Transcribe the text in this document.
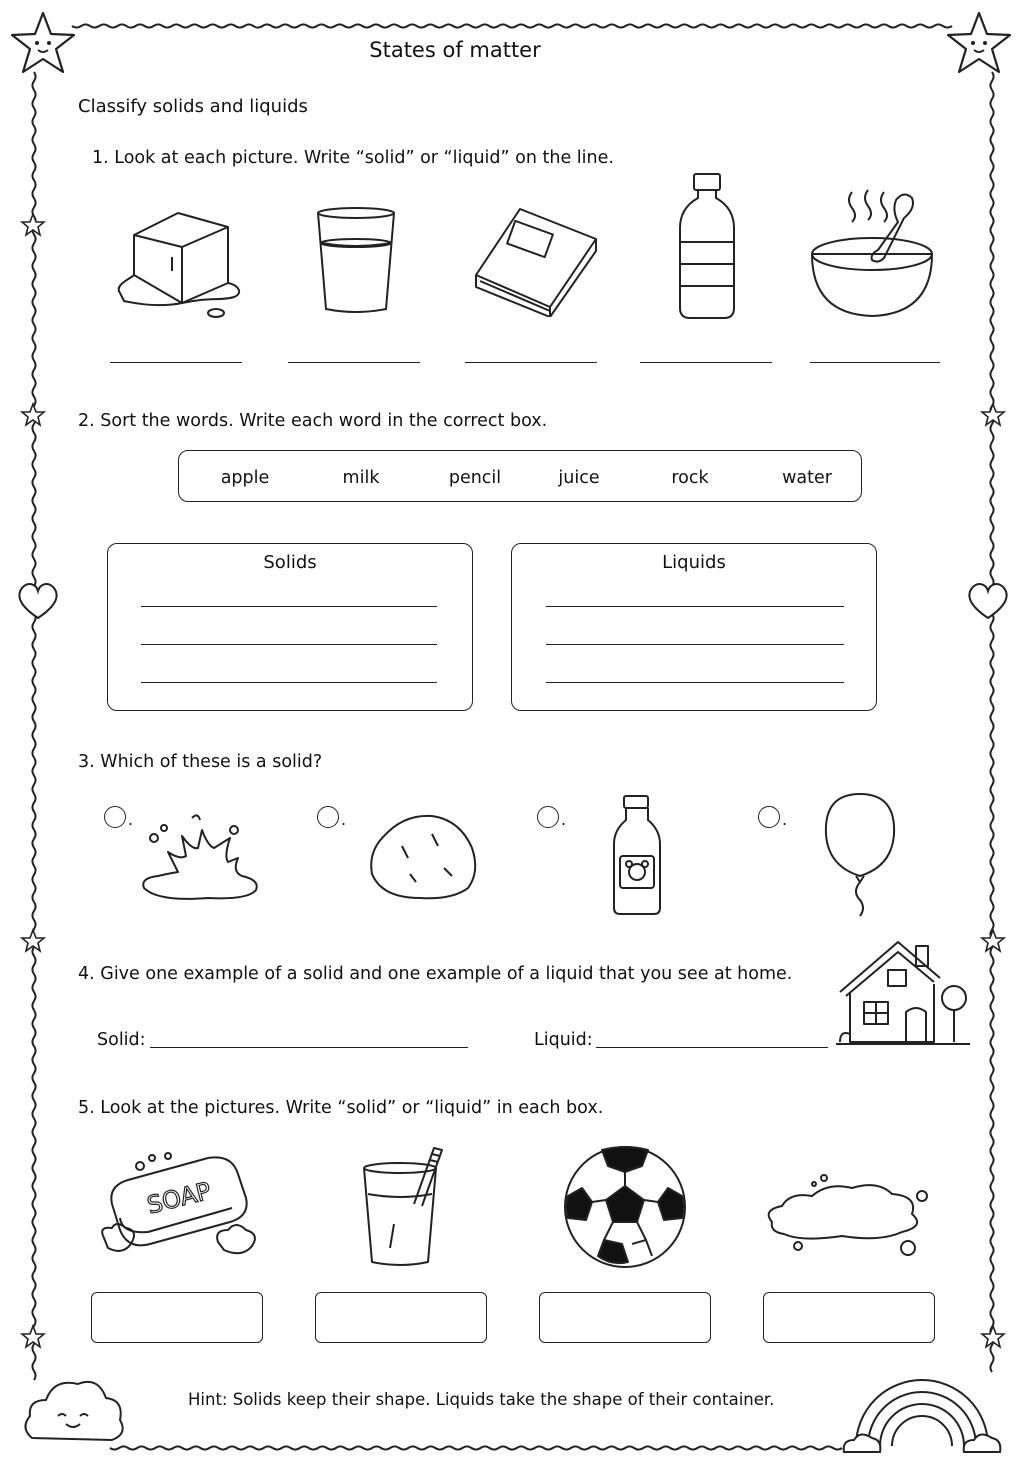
States of matter
Classify solids and liquids
1. Look at each picture. Write “solid” or “liquid” on the line.
2. Sort the words. Write each word in the correct box.
apple	milk	pencil	juice	rock	water
Solids	Liquids
3. Which of these is a solid?
.	.	.	.
4. Give one example of a solid and one example of a liquid that you see at home.
Solid:	Liquid:
5. Look at the pictures. Write “solid” or “liquid” in each box.
SOAP
Hint: Solids keep their shape. Liquids take the shape of their container.
